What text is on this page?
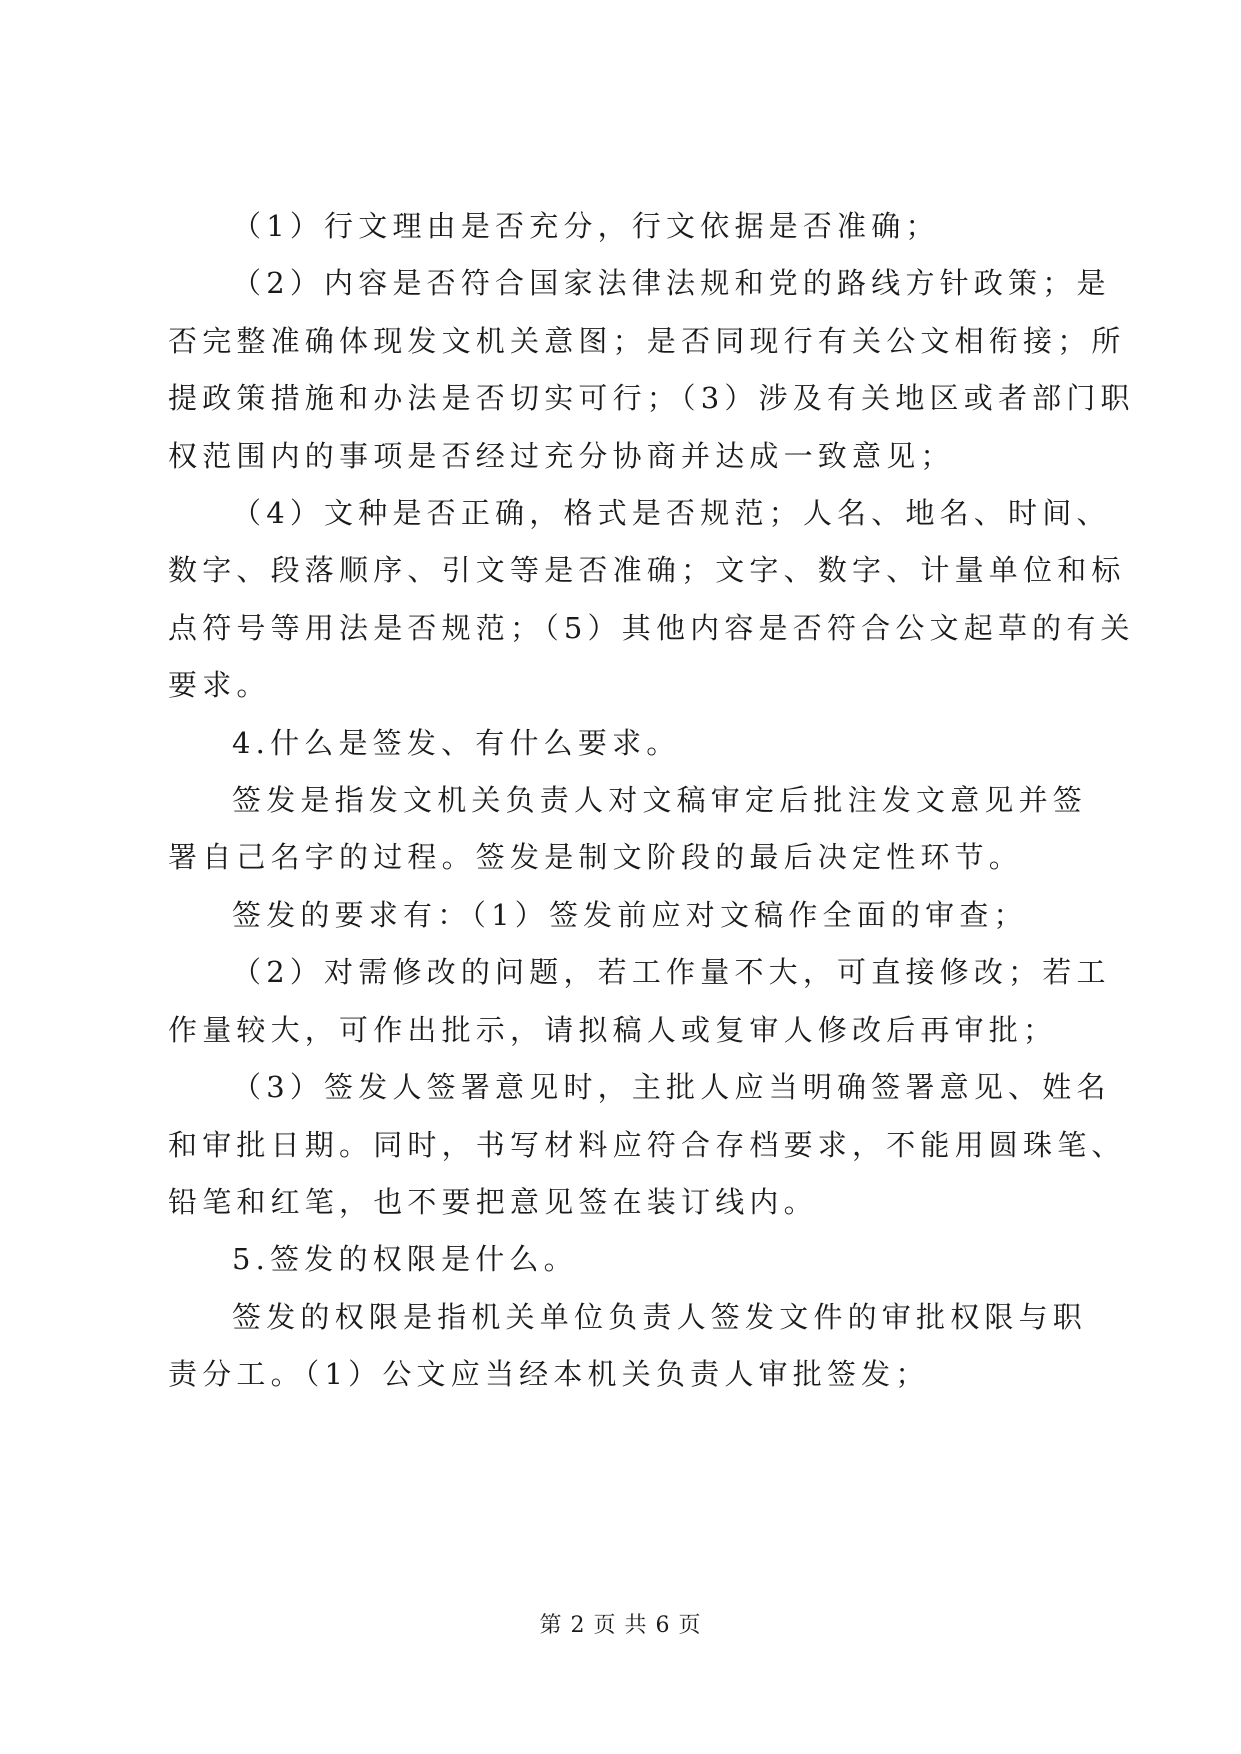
（1）行文理由是否充分，行文依据是否准确；
（2）内容是否符合国家法律法规和党的路线方针政策；是
否完整准确体现发文机关意图；是否同现行有关公文相衔接；所
提政策措施和办法是否切实可行；（3）涉及有关地区或者部门职
权范围内的事项是否经过充分协商并达成一致意见；
（4）文种是否正确，格式是否规范；人名、地名、时间、
数字、段落顺序、引文等是否准确；文字、数字、计量单位和标
点符号等用法是否规范；（5）其他内容是否符合公文起草的有关
要求。
4.什么是签发、有什么要求。
签发是指发文机关负责人对文稿审定后批注发文意见并签
署自己名字的过程。签发是制文阶段的最后决定性环节。
签发的要求有：（1）签发前应对文稿作全面的审查；
（2）对需修改的问题，若工作量不大，可直接修改；若工
作量较大，可作出批示，请拟稿人或复审人修改后再审批；
（3）签发人签署意见时，主批人应当明确签署意见、姓名
和审批日期。同时，书写材料应符合存档要求，不能用圆珠笔、
铅笔和红笔，也不要把意见签在装订线内。
5.签发的权限是什么。
签发的权限是指机关单位负责人签发文件的审批权限与职
责分工。（1）公文应当经本机关负责人审批签发；
第 2 页 共 6 页
